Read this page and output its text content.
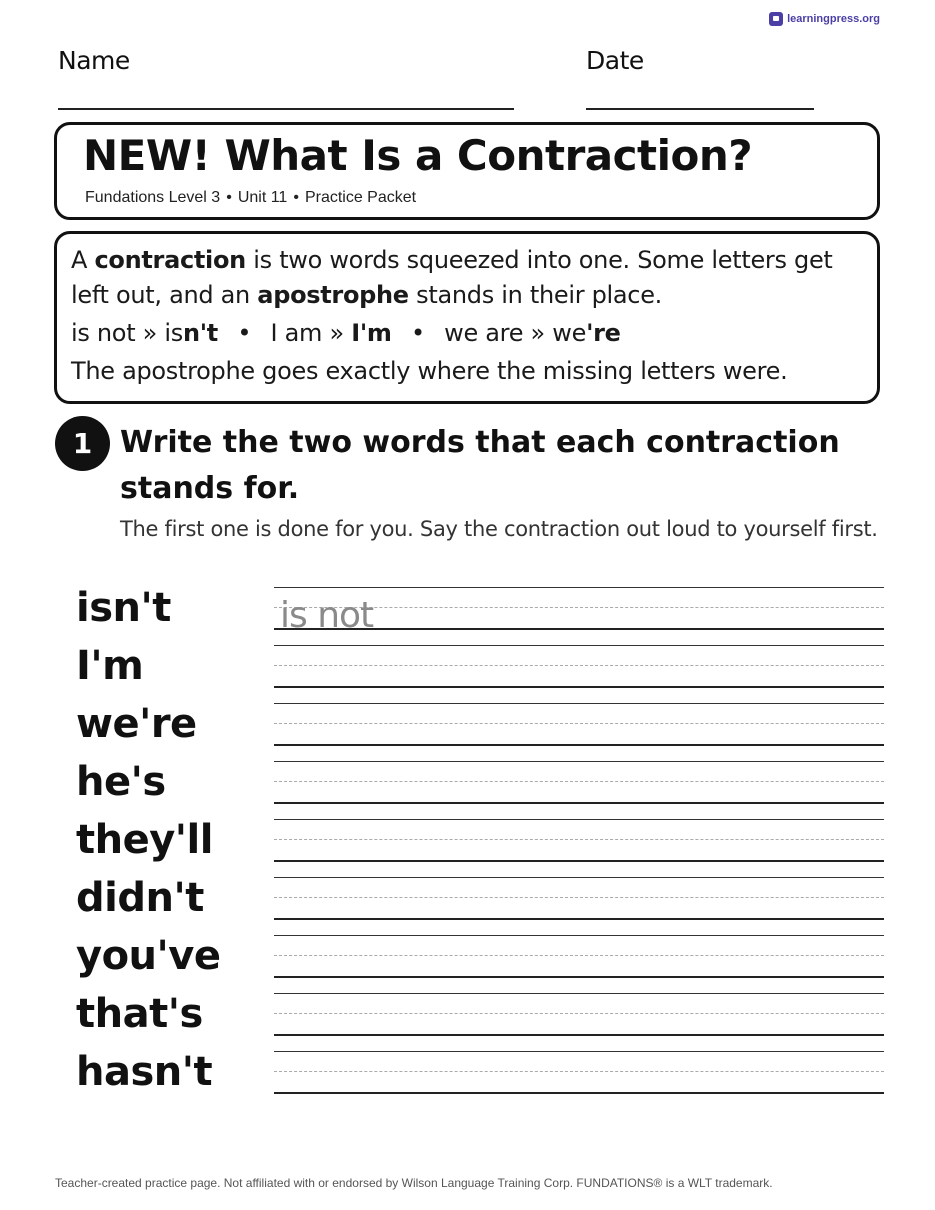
learningpress.org
Name	Date
NEW! What Is a Contraction?
Fundations Level 3 • Unit 11 • Practice Packet
A contraction is two words squeezed into one. Some letters get
left out, and an apostrophe stands in their place.
is not » isn't • I am » I'm • we are » we're
The apostrophe goes exactly where the missing letters were.
1 Write the two words that each contraction stands for.
The first one is done for you. Say the contraction out loud to yourself first.
isn't	is not
I'm
we're
he's
they'll
didn't
you've
that's
hasn't
Teacher-created practice page. Not affiliated with or endorsed by Wilson Language Training Corp. FUNDATIONS® is a WLT trademark.
